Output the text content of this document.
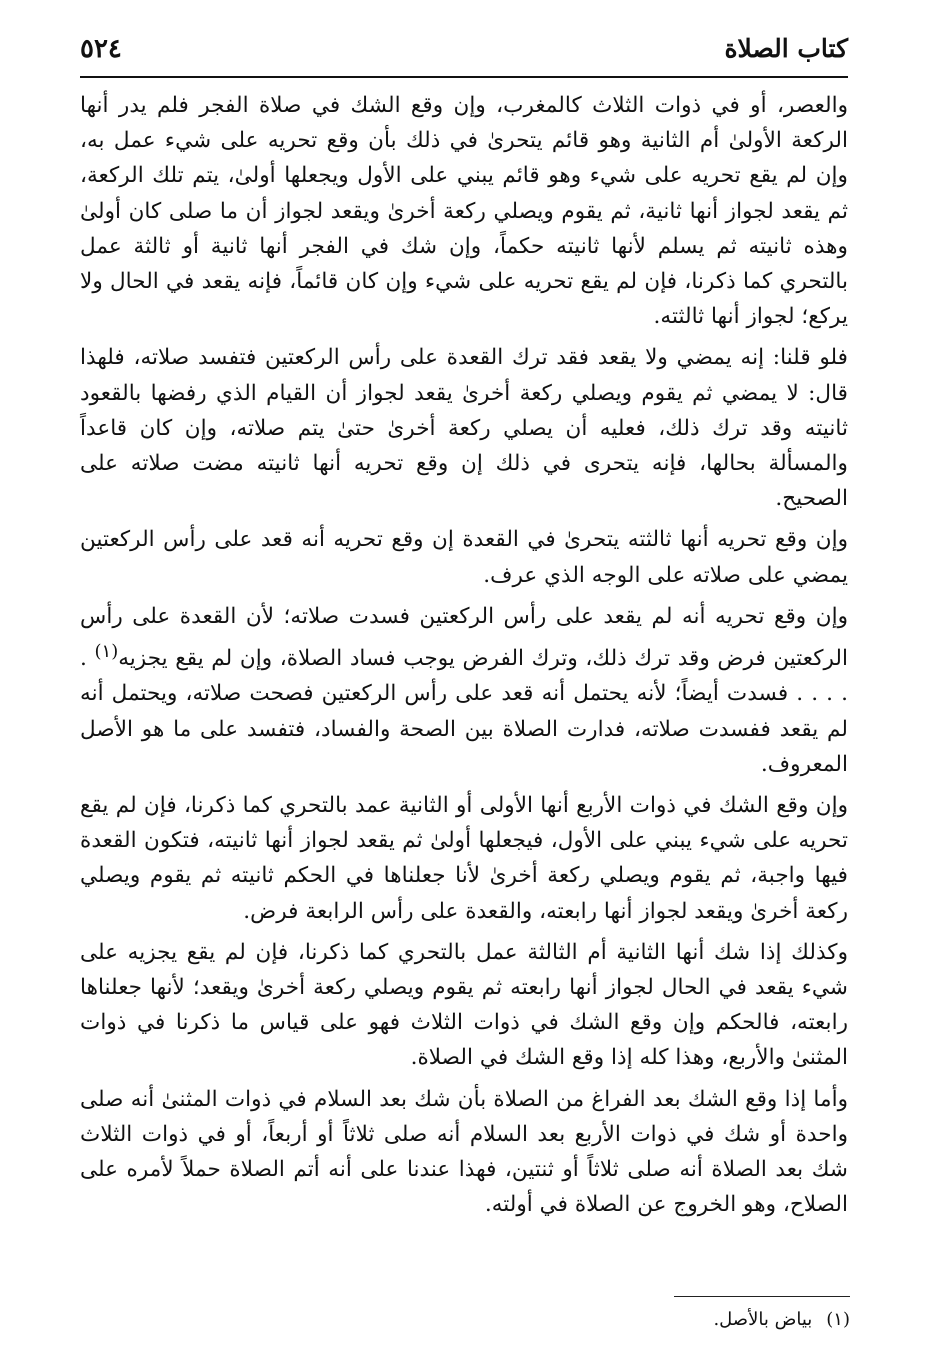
٥٢٤	كتاب الصلاة

والعصر، أو في ذوات الثلاث كالمغرب، وإن وقع الشك في صلاة الفجر فلم يدر أنها الركعة الأولىٰ أم الثانية وهو قائم يتحرىٰ في ذلك بأن وقع تحريه على شيء عمل به، وإن لم يقع تحريه على شيء وهو قائم يبني على الأول ويجعلها أولىٰ، يتم تلك الركعة، ثم يقعد لجواز أنها ثانية، ثم يقوم ويصلي ركعة أخرىٰ ويقعد لجواز أن ما صلى كان أولىٰ وهذه ثانيته ثم يسلم لأنها ثانيته حكماً، وإن شك في الفجر أنها ثانية أو ثالثة عمل بالتحري كما ذكرنا، فإن لم يقع تحريه على شيء وإن كان قائماً، فإنه يقعد في الحال ولا يركع؛ لجواز أنها ثالثته.

فلو قلنا: إنه يمضي ولا يقعد فقد ترك القعدة على رأس الركعتين فتفسد صلاته، فلهذا قال: لا يمضي ثم يقوم ويصلي ركعة أخرىٰ يقعد لجواز أن القيام الذي رفضها بالقعود ثانيته وقد ترك ذلك، فعليه أن يصلي ركعة أخرىٰ حتىٰ يتم صلاته، وإن كان قاعداً والمسألة بحالها، فإنه يتحرى في ذلك إن وقع تحريه أنها ثانيته مضت صلاته على الصحيح.

وإن وقع تحريه أنها ثالثته يتحرىٰ في القعدة إن وقع تحريه أنه قعد على رأس الركعتين يمضي على صلاته على الوجه الذي عرف.

وإن وقع تحريه أنه لم يقعد على رأس الركعتين فسدت صلاته؛ لأن القعدة على رأس الركعتين فرض وقد ترك ذلك، وترك الفرض يوجب فساد الصلاة، وإن لم يقع يجزيه$^{(١)}$ . . . . . فسدت أيضاً؛ لأنه يحتمل أنه قعد على رأس الركعتين فصحت صلاته، ويحتمل أنه لم يقعد ففسدت صلاته، فدارت الصلاة بين الصحة والفساد، فتفسد على ما هو الأصل المعروف.

وإن وقع الشك في ذوات الأربع أنها الأولى أو الثانية عمد بالتحري كما ذكرنا، فإن لم يقع تحريه على شيء يبني على الأول، فيجعلها أولىٰ ثم يقعد لجواز أنها ثانيته، فتكون القعدة فيها واجبة، ثم يقوم ويصلي ركعة أخرىٰ لأنا جعلناها في الحكم ثانيته ثم يقوم ويصلي ركعة أخرىٰ ويقعد لجواز أنها رابعته، والقعدة على رأس الرابعة فرض.

وكذلك إذا شك أنها الثانية أم الثالثة عمل بالتحري كما ذكرنا، فإن لم يقع يجزيه على شيء يقعد في الحال لجواز أنها رابعته ثم يقوم ويصلي ركعة أخرىٰ ويقعد؛ لأنها جعلناها رابعته، فالحكم وإن وقع الشك في ذوات الثلاث فهو على قياس ما ذكرنا في ذوات المثنىٰ والأربع، وهذا كله إذا وقع الشك في الصلاة.

وأما إذا وقع الشك بعد الفراغ من الصلاة بأن شك بعد السلام في ذوات المثنىٰ أنه صلى واحدة أو شك في ذوات الأربع بعد السلام أنه صلى ثلاثاً أو أربعاً، أو في ذوات الثلاث شك بعد الصلاة أنه صلى ثلاثاً أو ثنتين، فهذا عندنا على أنه أتم الصلاة حملاً لأمره على الصلاح، وهو الخروج عن الصلاة في أولته.

(١)بياض بالأصل.
